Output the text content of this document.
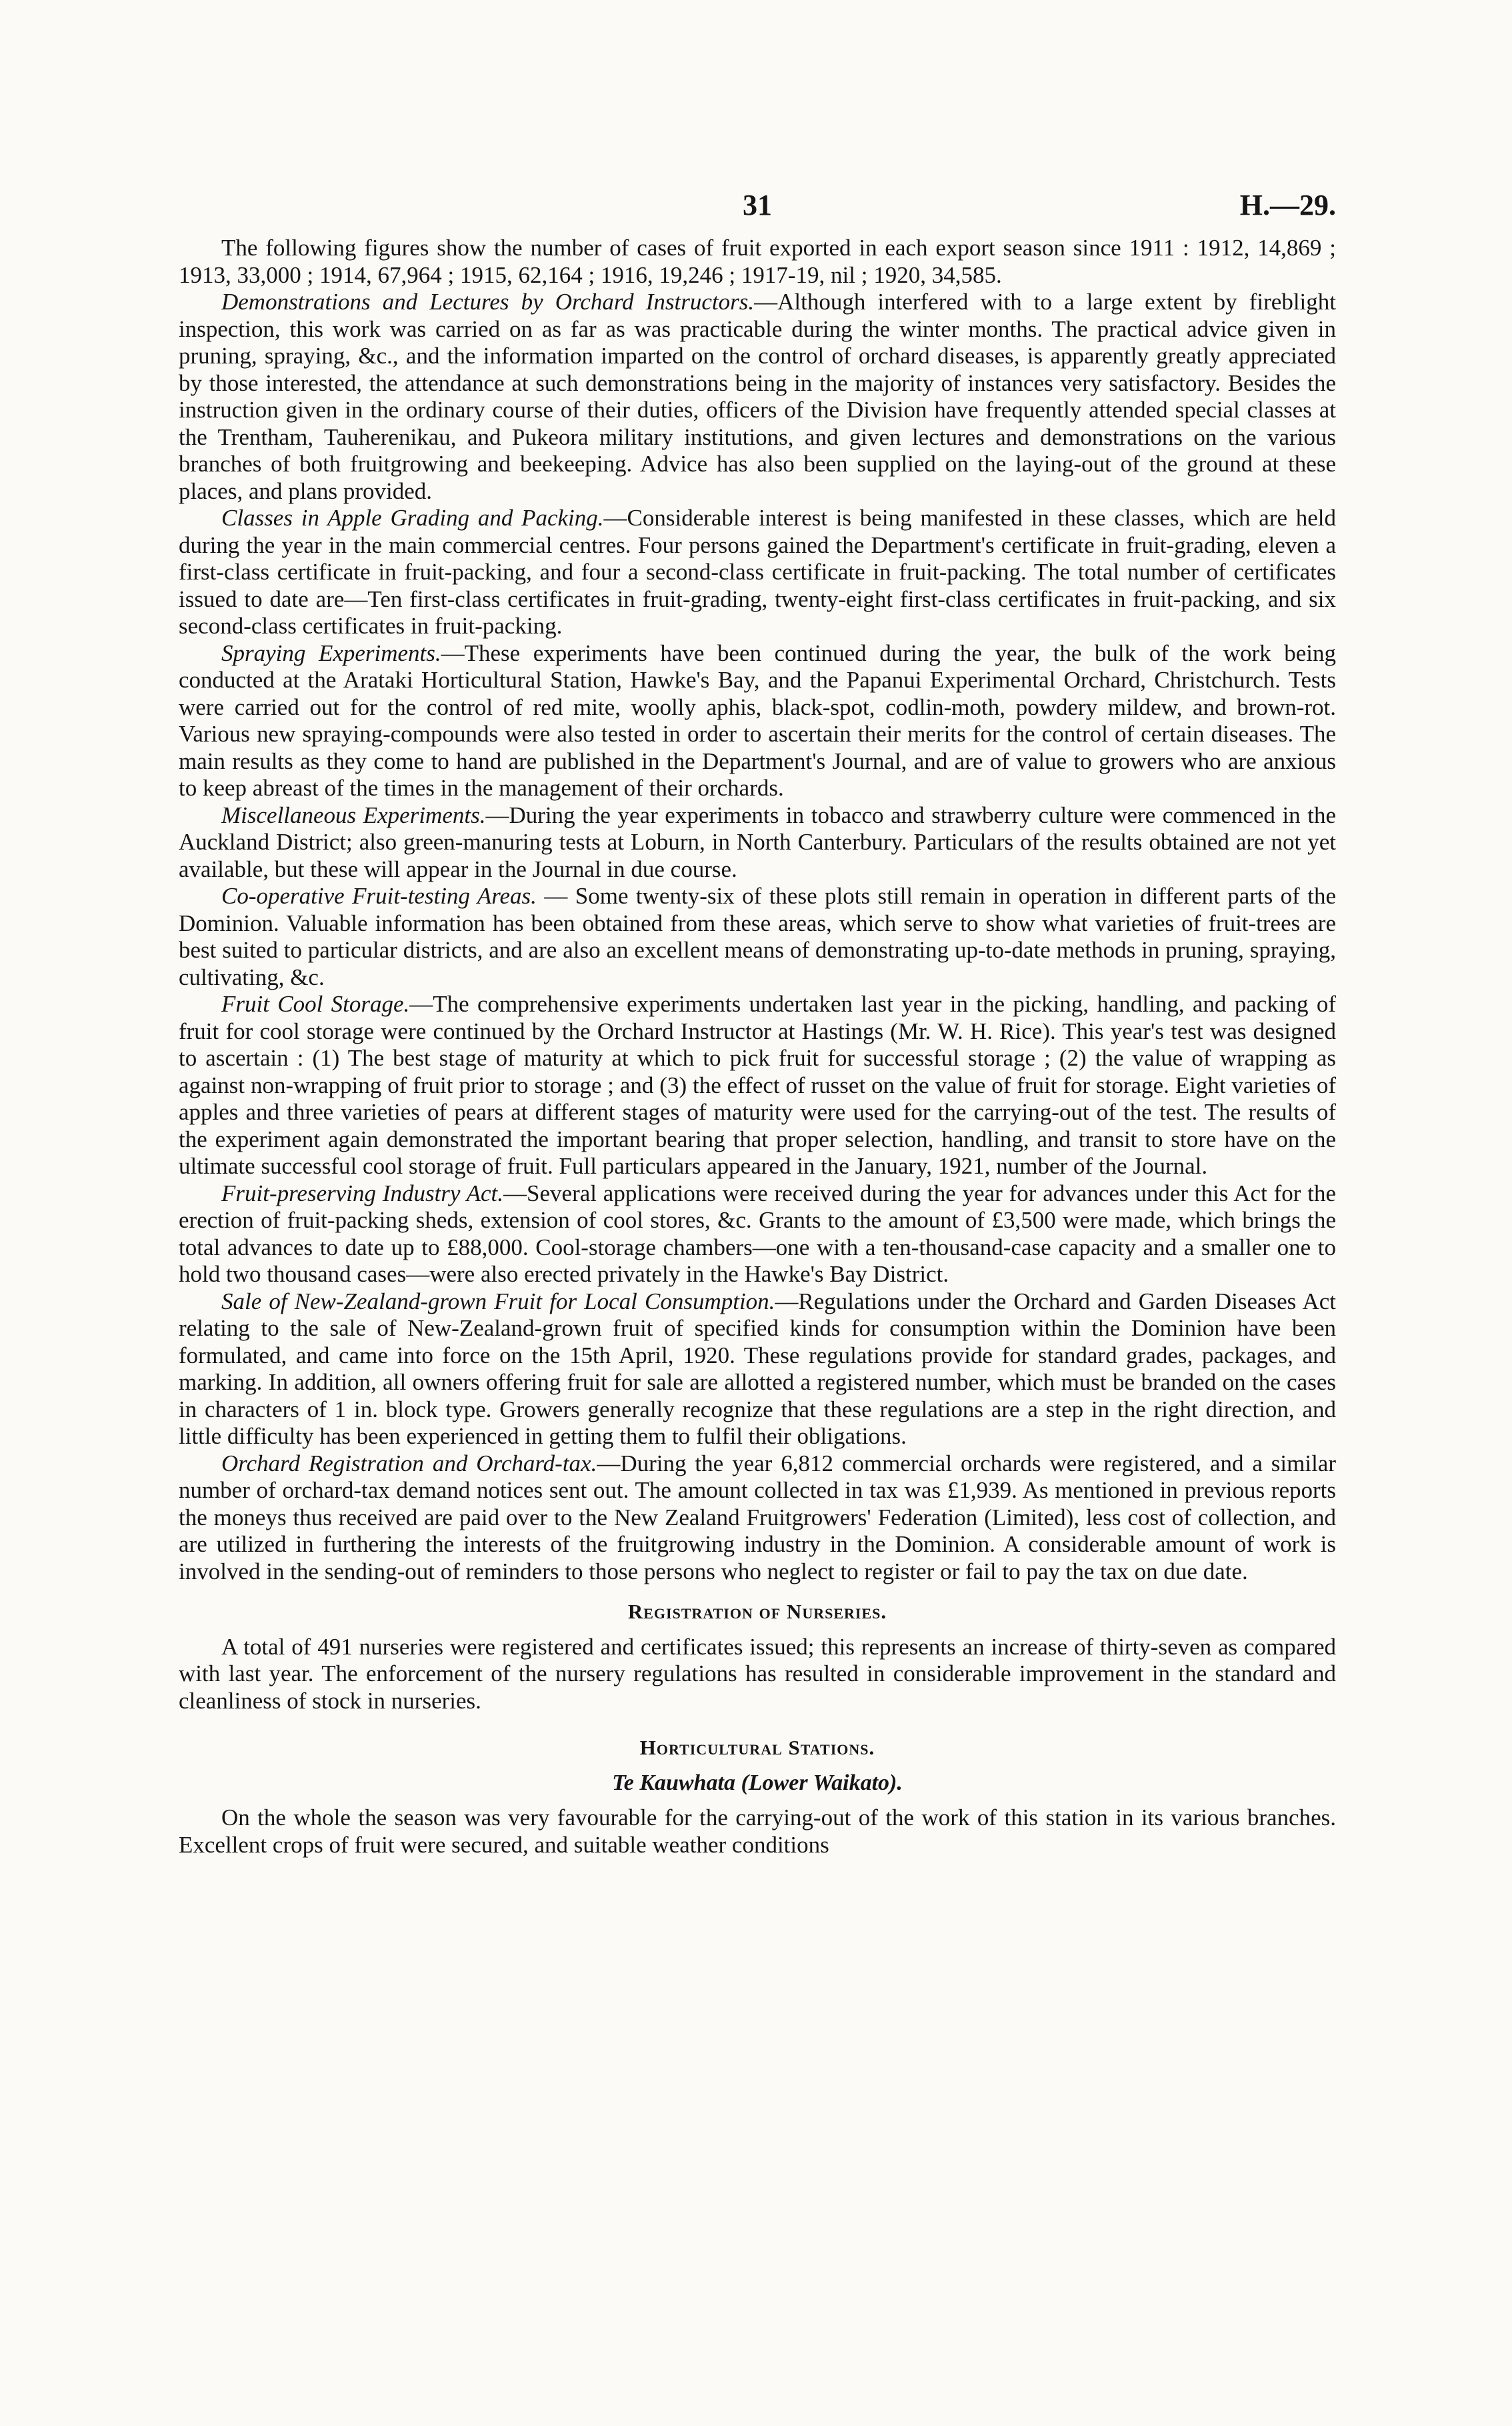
31	H.—29.

The following figures show the number of cases of fruit exported in each export season since 1911 : 1912, 14,869 ; 1913, 33,000 ; 1914, 67,964 ; 1915, 62,164 ; 1916, 19,246 ; 1917-19, nil ; 1920, 34,585.

Demonstrations and Lectures by Orchard Instructors.—Although interfered with to a large extent by fireblight inspection, this work was carried on as far as was practicable during the winter months. The practical advice given in pruning, spraying, &c., and the information imparted on the control of orchard diseases, is apparently greatly appreciated by those interested, the attendance at such demonstrations being in the majority of instances very satisfactory. Besides the instruction given in the ordinary course of their duties, officers of the Division have frequently attended special classes at the Trentham, Tauherenikau, and Pukeora military institutions, and given lectures and demonstrations on the various branches of both fruitgrowing and beekeeping. Advice has also been supplied on the laying-out of the ground at these places, and plans provided.

Classes in Apple Grading and Packing.—Considerable interest is being manifested in these classes, which are held during the year in the main commercial centres. Four persons gained the Department's certificate in fruit-grading, eleven a first-class certificate in fruit-packing, and four a second-class certificate in fruit-packing. The total number of certificates issued to date are—Ten first-class certificates in fruit-grading, twenty-eight first-class certificates in fruit-packing, and six second-class certificates in fruit-packing.

Spraying Experiments.—These experiments have been continued during the year, the bulk of the work being conducted at the Arataki Horticultural Station, Hawke's Bay, and the Papanui Experimental Orchard, Christchurch. Tests were carried out for the control of red mite, woolly aphis, black-spot, codlin-moth, powdery mildew, and brown-rot. Various new spraying-compounds were also tested in order to ascertain their merits for the control of certain diseases. The main results as they come to hand are published in the Department's Journal, and are of value to growers who are anxious to keep abreast of the times in the management of their orchards.

Miscellaneous Experiments.—During the year experiments in tobacco and strawberry culture were commenced in the Auckland District; also green-manuring tests at Loburn, in North Canterbury. Particulars of the results obtained are not yet available, but these will appear in the Journal in due course.

Co-operative Fruit-testing Areas. — Some twenty-six of these plots still remain in operation in different parts of the Dominion. Valuable information has been obtained from these areas, which serve to show what varieties of fruit-trees are best suited to particular districts, and are also an excellent means of demonstrating up-to-date methods in pruning, spraying, cultivating, &c.

Fruit Cool Storage.—The comprehensive experiments undertaken last year in the picking, handling, and packing of fruit for cool storage were continued by the Orchard Instructor at Hastings (Mr. W. H. Rice). This year's test was designed to ascertain : (1) The best stage of maturity at which to pick fruit for successful storage ; (2) the value of wrapping as against non-wrapping of fruit prior to storage ; and (3) the effect of russet on the value of fruit for storage. Eight varieties of apples and three varieties of pears at different stages of maturity were used for the carrying-out of the test. The results of the experiment again demonstrated the important bearing that proper selection, handling, and transit to store have on the ultimate successful cool storage of fruit. Full particulars appeared in the January, 1921, number of the Journal.

Fruit-preserving Industry Act.—Several applications were received during the year for advances under this Act for the erection of fruit-packing sheds, extension of cool stores, &c. Grants to the amount of £3,500 were made, which brings the total advances to date up to £88,000. Cool-storage chambers—one with a ten-thousand-case capacity and a smaller one to hold two thousand cases—were also erected privately in the Hawke's Bay District.

Sale of New-Zealand-grown Fruit for Local Consumption.—Regulations under the Orchard and Garden Diseases Act relating to the sale of New-Zealand-grown fruit of specified kinds for consumption within the Dominion have been formulated, and came into force on the 15th April, 1920. These regulations provide for standard grades, packages, and marking. In addition, all owners offering fruit for sale are allotted a registered number, which must be branded on the cases in characters of 1 in. block type. Growers generally recognize that these regulations are a step in the right direction, and little difficulty has been experienced in getting them to fulfil their obligations.

Orchard Registration and Orchard-tax.—During the year 6,812 commercial orchards were registered, and a similar number of orchard-tax demand notices sent out. The amount collected in tax was £1,939. As mentioned in previous reports the moneys thus received are paid over to the New Zealand Fruitgrowers' Federation (Limited), less cost of collection, and are utilized in furthering the interests of the fruitgrowing industry in the Dominion. A considerable amount of work is involved in the sending-out of reminders to those persons who neglect to register or fail to pay the tax on due date.

Registration of Nurseries.

A total of 491 nurseries were registered and certificates issued; this represents an increase of thirty-seven as compared with last year. The enforcement of the nursery regulations has resulted in considerable improvement in the standard and cleanliness of stock in nurseries.

Horticultural Stations.
Te Kauwhata (Lower Waikato).

On the whole the season was very favourable for the carrying-out of the work of this station in its various branches. Excellent crops of fruit were secured, and suitable weather conditions
